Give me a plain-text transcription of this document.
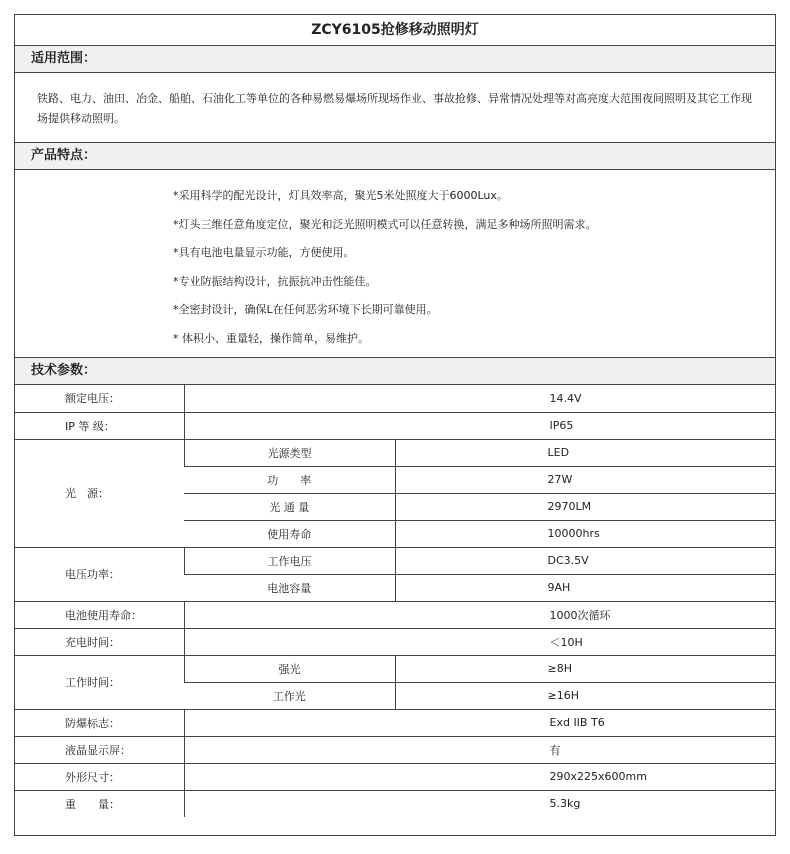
ZCY6105抢修移动照明灯
适用范围：
铁路、电力、油田、冶金、船舶、石油化工等单位的各种易燃易爆场所现场作业、事故抢修、异常情况处理等对高亮度大范围夜间照明及其它工作现场提供移动照明。
产品特点：
*采用科学的配光设计，灯具效率高，聚光5米处照度大于6000Lux。
*灯头三维任意角度定位，聚光和泛光照明模式可以任意转换，满足多种场所照明需求。
*具有电池电量显示功能，方便使用。
*专业防振结构设计，抗振抗冲击性能佳。
*全密封设计，确保L在任何恶劣环境下长期可靠使用。
* 体积小、重量轻，操作简单，易维护。
技术参数：
额定电压：	14.4V	
IP 等 级：	IP65	
光　源：	光源类型	LED
	功　　率	27W
	光 通 量	2970LM
	使用寿命	10000hrs
电压功率：	工作电压	DC3.5V
	电池容量	9AH
电池使用寿命：	1000次循环	
充电时间：	＜10H	
工作时间：	强光	≥8H
	工作光	≥16H
防爆标志：	Exd IIB T6	
液晶显示屏：	有	
外形尺寸：	290x225x600mm	
重　　量：	5.3kg	
